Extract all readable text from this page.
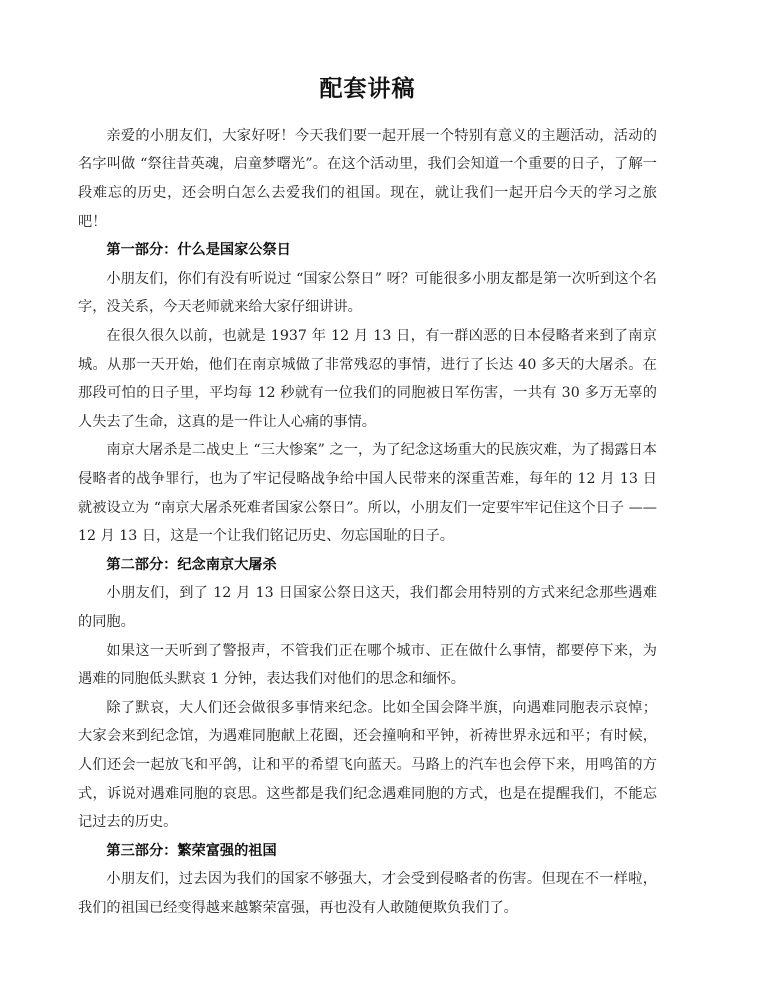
配套讲稿

亲爱的小朋友们，大家好呀！今天我们要一起开展一个特别有意义的主题活动，活动的名字叫做 “祭往昔英魂，启童梦曙光”。在这个活动里，我们会知道一个重要的日子，了解一段难忘的历史，还会明白怎么去爱我们的祖国。现在，就让我们一起开启今天的学习之旅吧！

第一部分：什么是国家公祭日

小朋友们，你们有没有听说过 “国家公祭日” 呀？可能很多小朋友都是第一次听到这个名字，没关系，今天老师就来给大家仔细讲讲。

在很久很久以前，也就是 1937 年 12 月 13 日，有一群凶恶的日本侵略者来到了南京城。从那一天开始，他们在南京城做了非常残忍的事情，进行了长达 40 多天的大屠杀。在那段可怕的日子里，平均每 12 秒就有一位我们的同胞被日军伤害，一共有 30 多万无辜的人失去了生命，这真的是一件让人心痛的事情。

南京大屠杀是二战史上 “三大惨案” 之一，为了纪念这场重大的民族灾难，为了揭露日本侵略者的战争罪行，也为了牢记侵略战争给中国人民带来的深重苦难，每年的 12 月 13 日就被设立为 “南京大屠杀死难者国家公祭日”。所以，小朋友们一定要牢牢记住这个日子 ——12 月 13 日，这是一个让我们铭记历史、勿忘国耻的日子。

第二部分：纪念南京大屠杀

小朋友们，到了 12 月 13 日国家公祭日这天，我们都会用特别的方式来纪念那些遇难的同胞。

如果这一天听到了警报声，不管我们正在哪个城市、正在做什么事情，都要停下来，为遇难的同胞低头默哀 1 分钟，表达我们对他们的思念和缅怀。

除了默哀，大人们还会做很多事情来纪念。比如全国会降半旗，向遇难同胞表示哀悼；大家会来到纪念馆，为遇难同胞献上花圈，还会撞响和平钟，祈祷世界永远和平；有时候，人们还会一起放飞和平鸽，让和平的希望飞向蓝天。马路上的汽车也会停下来，用鸣笛的方式，诉说对遇难同胞的哀思。这些都是我们纪念遇难同胞的方式，也是在提醒我们，不能忘记过去的历史。

第三部分：繁荣富强的祖国

小朋友们，过去因为我们的国家不够强大，才会受到侵略者的伤害。但现在不一样啦，我们的祖国已经变得越来越繁荣富强，再也没有人敢随便欺负我们了。
